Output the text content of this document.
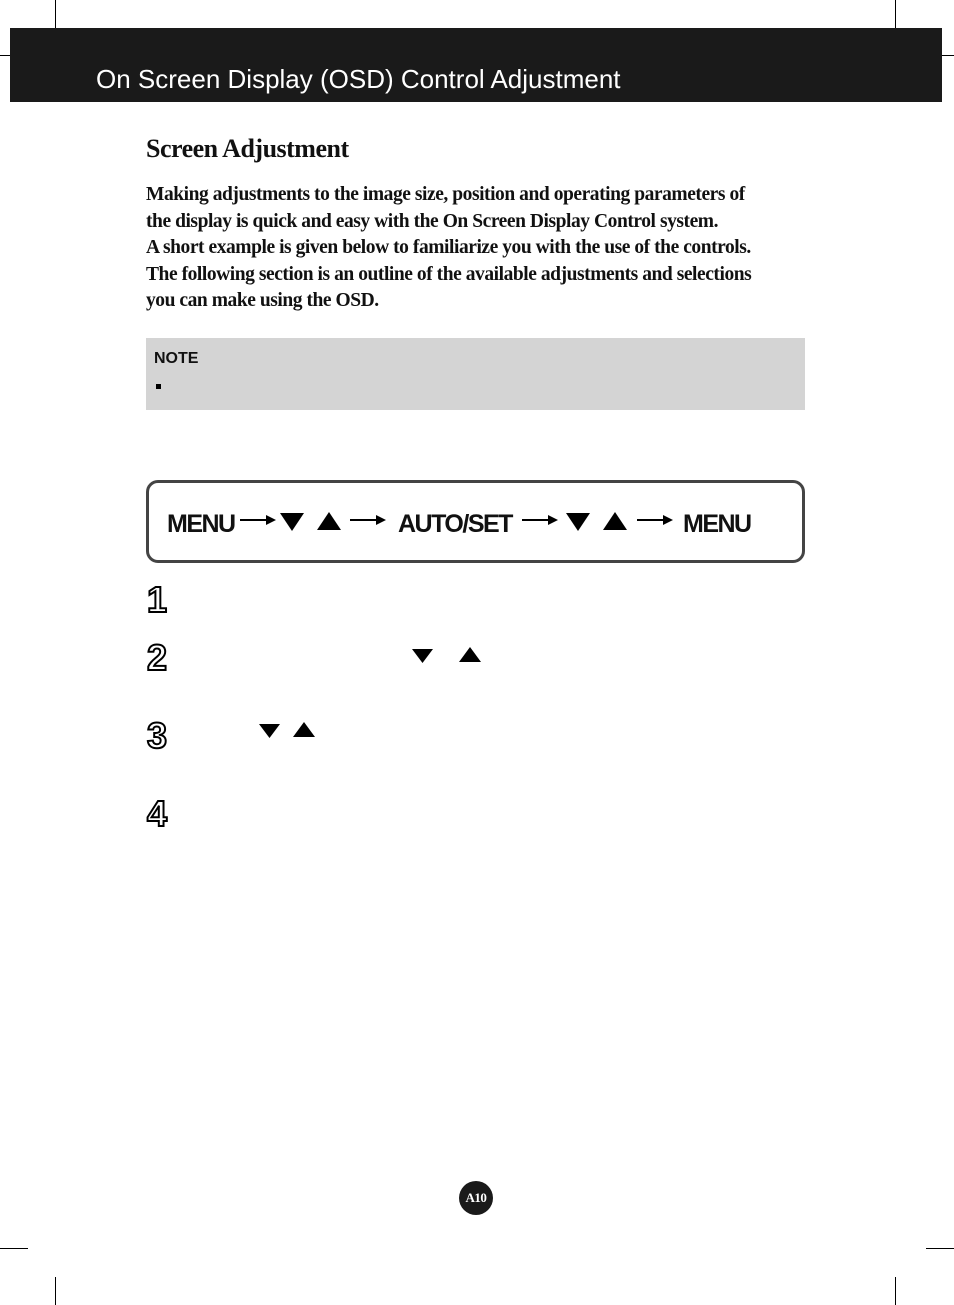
On Screen Display (OSD) Control Adjustment
Screen Adjustment

Making adjustments to the image size, position and operating parameters of

the display is quick and easy with the On Screen Display Control system.

A short example is given below to familiarize you with the use of the controls.

The following section is an outline of the available adjustments and selections

you can make using the OSD.

NOTE
MENU	AUTO/SET	MENU
1
2
3
4
A10
